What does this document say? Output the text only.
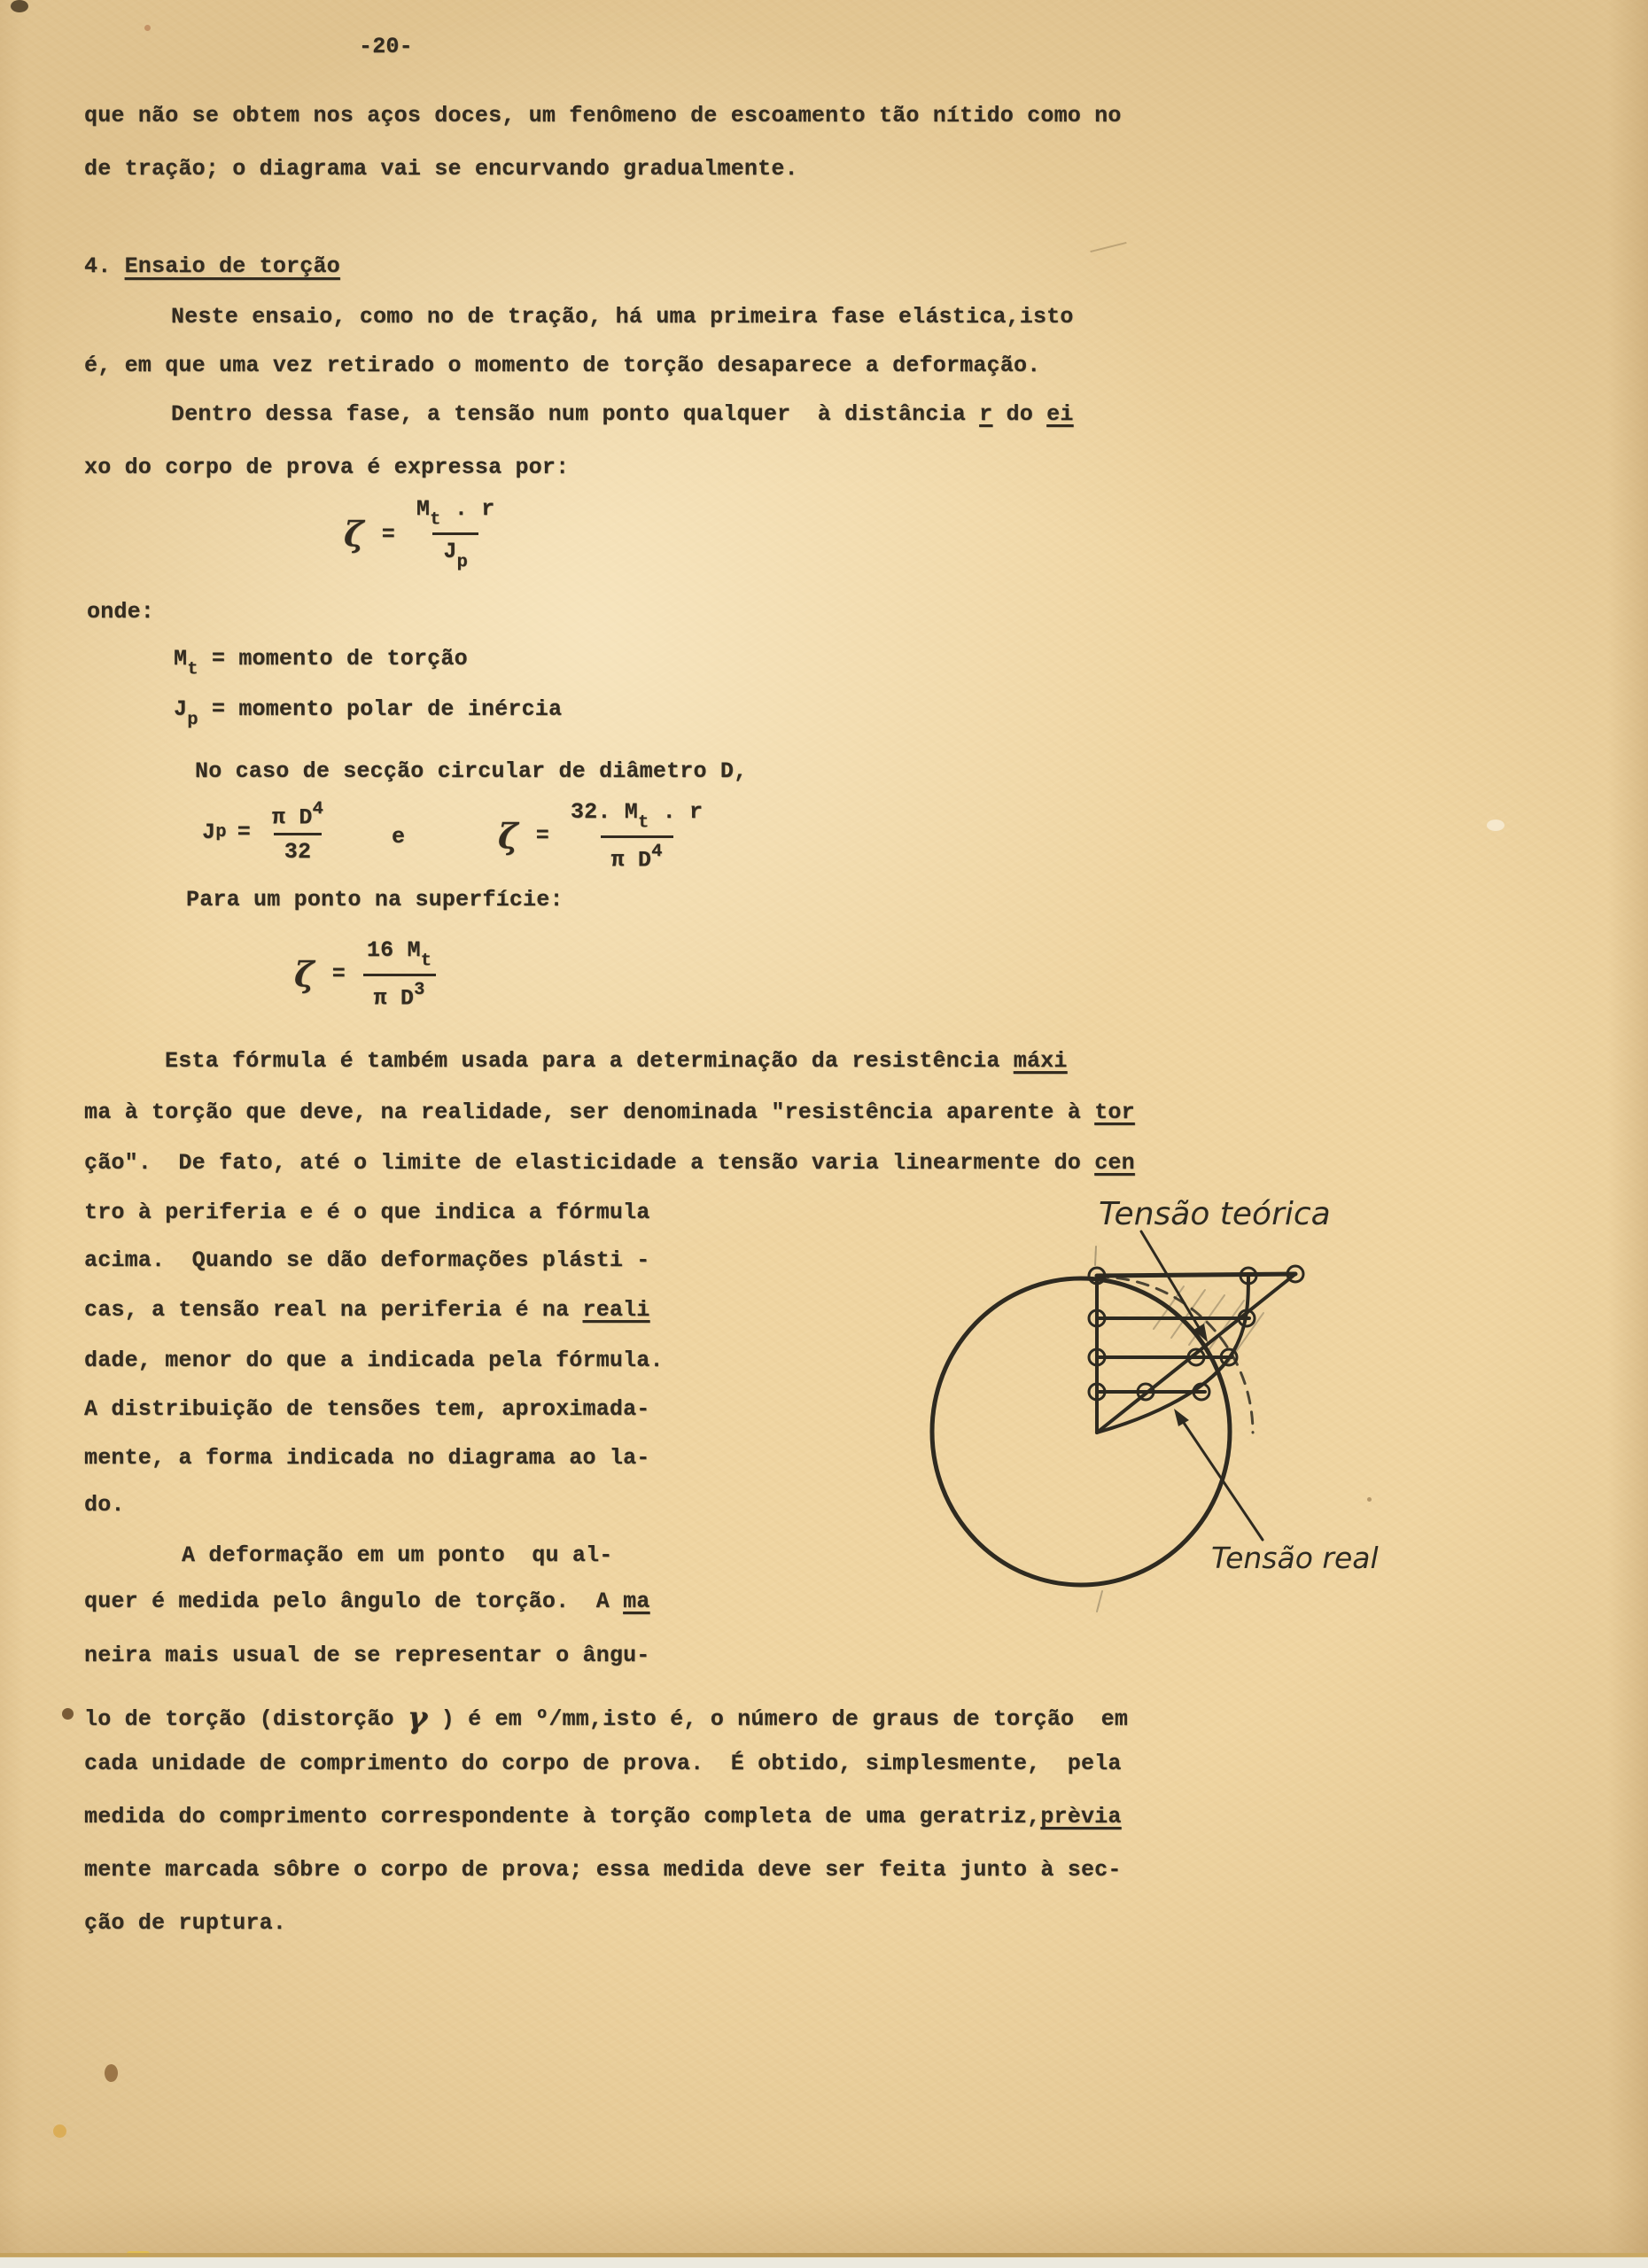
-20-
que não se obtem nos aços doces, um fenômeno de escoamento tão nítido como no
de tração; o diagrama vai se encurvando gradualmente.
4. Ensaio de torção
Neste ensaio, como no de tração, há uma primeira fase elástica,isto
é, em que uma vez retirado o momento de torção desaparece a deformação.
Dentro dessa fase, a tensão num ponto qualquer  à distância r do ei
xo do corpo de prova é expressa por:
$\zeta = \frac{M_t . r}{J_p}$
onde:
$M_t$ = momento de torção
$J_p$ = momento polar de inércia
No caso de secção circular de diâmetro D,
J $p = \frac{\pi D^4}{32}$	e	$\zeta = \frac{32. M_t . r}{\pi D^4}$
Para um ponto na superfície:
$\zeta = \frac{16 M_t}{\pi D^3}$
Esta fórmula é também usada para a determinação da resistência máxi
ma à torção que deve, na realidade, ser denominada "resistência aparente à tor
ção".  De fato, até o limite de elasticidade a tensão varia linearmente do cen
tro à periferia e é o que indica a fórmula
acima.  Quando se dão deformações plásti -
cas, a tensão real na periferia é na reali
dade, menor do que a indicada pela fórmula.
A distribuição de tensões tem, aproximada-
mente, a forma indicada no diagrama ao la-
do.
A deformação em um ponto  qu al-
quer é medida pelo ângulo de torção.  A ma
neira mais usual de se representar o ângu-
lo de torção (distorção γ ) é em º/mm,isto é, o número de graus de torção  em
cada unidade de comprimento do corpo de prova.  É obtido, simplesmente,  pela
medida do comprimento correspondente à torção completa de uma geratriz,prèvia
mente marcada sôbre o corpo de prova; essa medida deve ser feita junto à sec-
ção de ruptura.
Tensão teórica
Tensão real
